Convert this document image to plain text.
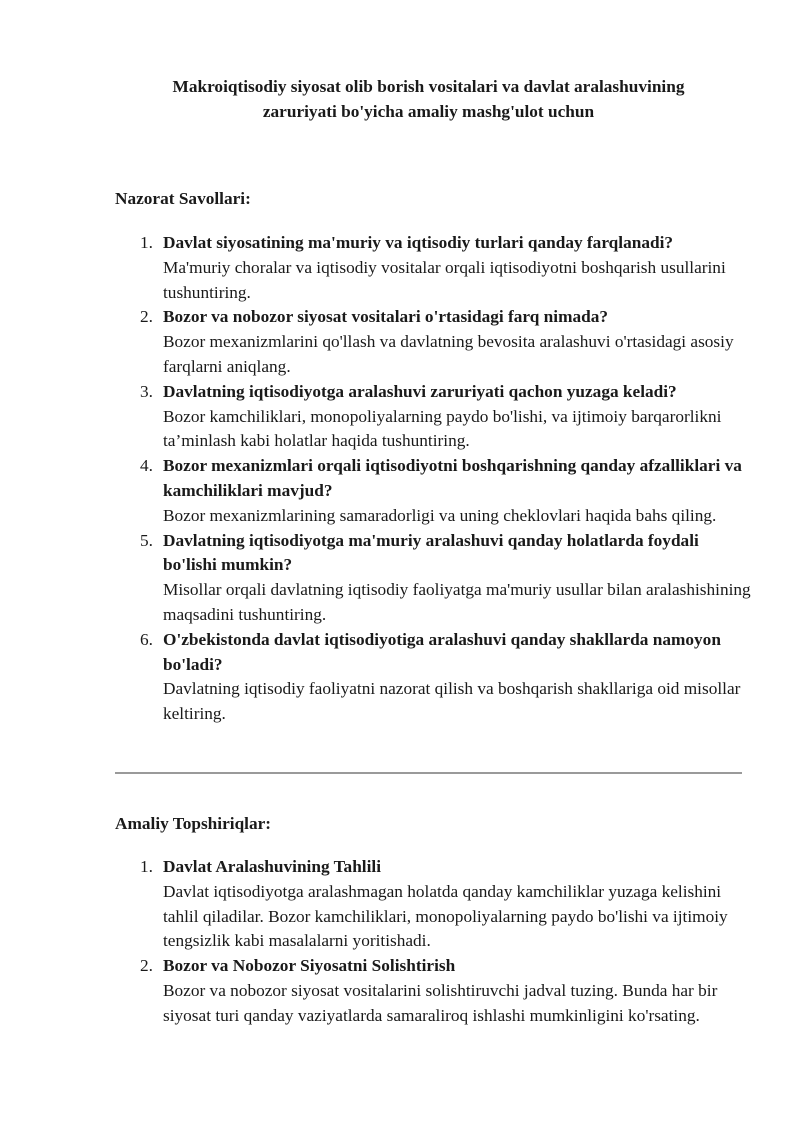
Makroiqtisodiy siyosat olib borish vositalari va davlat aralashuvining
zaruriyati bo'yicha amaliy mashg'ulot uchun
Nazorat Savollari:
1. Davlat siyosatining ma'muriy va iqtisodiy turlari qanday farqlanadi?
Ma'muriy choralar va iqtisodiy vositalar orqali iqtisodiyotni boshqarish usullarini tushuntiring.
2. Bozor va nobozor siyosat vositalari o'rtasidagi farq nimada?
Bozor mexanizmlarini qo'llash va davlatning bevosita aralashuvi o'rtasidagi asosiy farqlarni aniqlang.
3. Davlatning iqtisodiyotga aralashuvi zaruriyati qachon yuzaga keladi?
Bozor kamchiliklari, monopoliyalarning paydo bo'lishi, va ijtimoiy barqarorlikni ta’minlash kabi holatlar haqida tushuntiring.
4. Bozor mexanizmlari orqali iqtisodiyotni boshqarishning qanday afzalliklari va kamchiliklari mavjud?
Bozor mexanizmlarining samaradorligi va uning cheklovlari haqida bahs qiling.
5. Davlatning iqtisodiyotga ma'muriy aralashuvi qanday holatlarda foydali bo'lishi mumkin?
Misollar orqali davlatning iqtisodiy faoliyatga ma'muriy usullar bilan aralashishining maqsadini tushuntiring.
6. O'zbekistonda davlat iqtisodiyotiga aralashuvi qanday shakllarda namoyon bo'ladi?
Davlatning iqtisodiy faoliyatni nazorat qilish va boshqarish shakllariga oid misollar keltiring.
Amaliy Topshiriqlar:
1. Davlat Aralashuvining Tahlili
Davlat iqtisodiyotga aralashmagan holatda qanday kamchiliklar yuzaga kelishini tahlil qiladilar. Bozor kamchiliklari, monopoliyalarning paydo bo'lishi va ijtimoiy tengsizlik kabi masalalarni yoritishadi.
2. Bozor va Nobozor Siyosatni Solishtirish
Bozor va nobozor siyosat vositalarini solishtiruvchi jadval tuzing. Bunda har bir siyosat turi qanday vaziyatlarda samaraliroq ishlashi mumkinligini ko'rsating.
